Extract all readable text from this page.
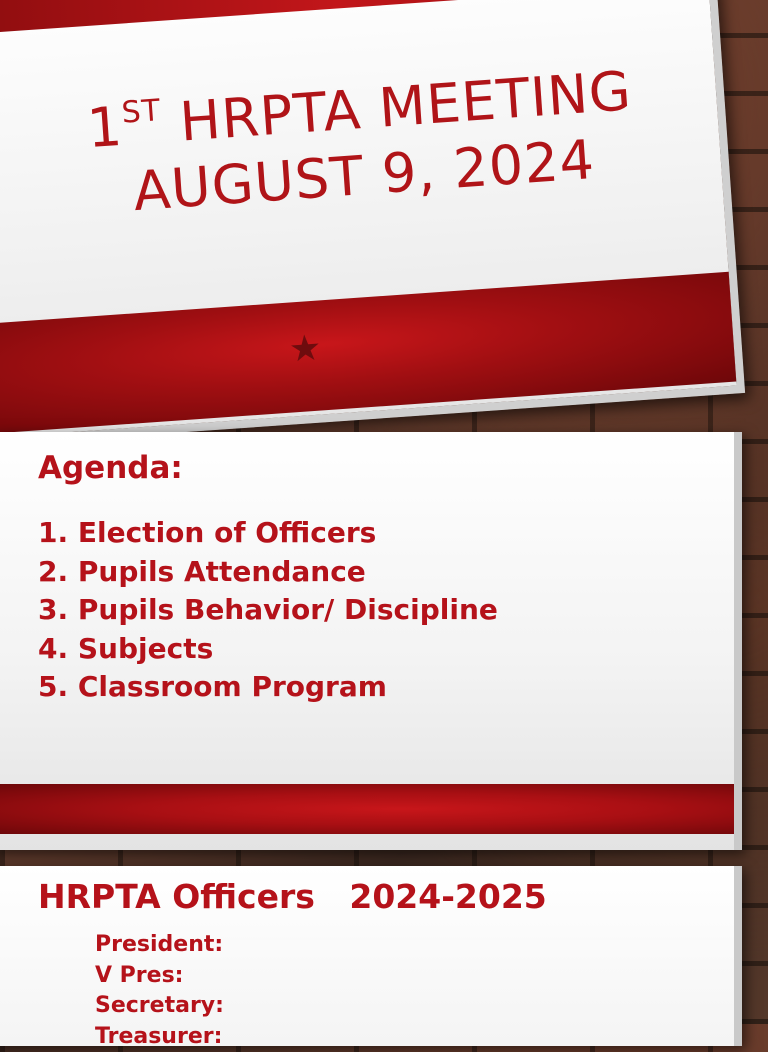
1ST HRPTA MEETING
AUGUST 9, 2024
★
Agenda:
1. Election of Officers
2. Pupils Attendance
3. Pupils Behavior/ Discipline
4. Subjects
5. Classroom Program
HRPTA Officers   2024-2025
President:
V Pres:
Secretary:
Treasurer:
